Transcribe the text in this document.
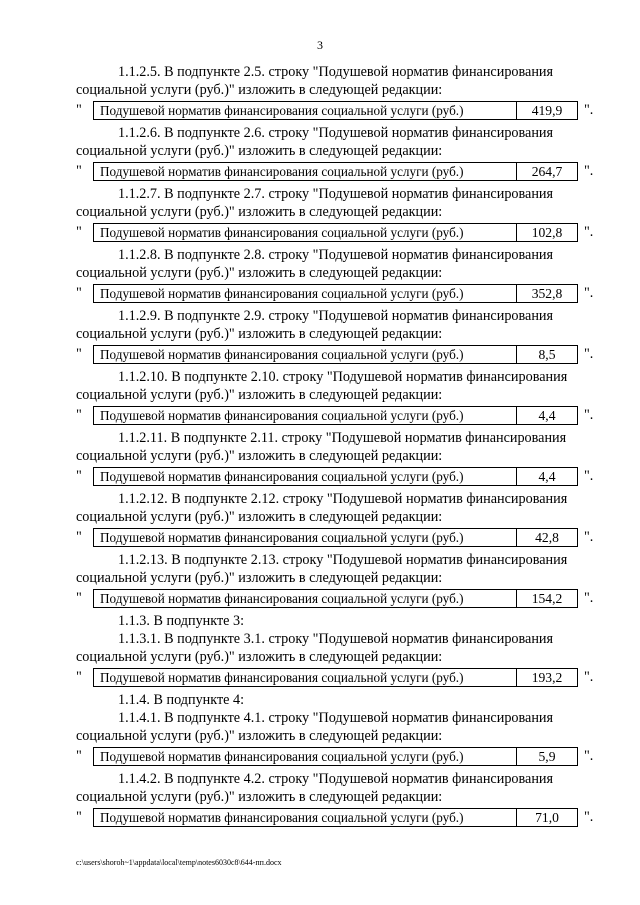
3

1.1.2.5. В подпункте 2.5. строку "Подушевой норматив финансирования

социальной услуги (руб.)" изложить в следующей редакции:

"	Подушевой норматив финансирования социальной услуги (руб.)	419,9	".

1.1.2.6. В подпункте 2.6. строку "Подушевой норматив финансирования

социальной услуги (руб.)" изложить в следующей редакции:

"	Подушевой норматив финансирования социальной услуги (руб.)	264,7	".

1.1.2.7. В подпункте 2.7. строку "Подушевой норматив финансирования

социальной услуги (руб.)" изложить в следующей редакции:

"	Подушевой норматив финансирования социальной услуги (руб.)	102,8	".

1.1.2.8. В подпункте 2.8. строку "Подушевой норматив финансирования

социальной услуги (руб.)" изложить в следующей редакции:

"	Подушевой норматив финансирования социальной услуги (руб.)	352,8	".

1.1.2.9. В подпункте 2.9. строку "Подушевой норматив финансирования

социальной услуги (руб.)" изложить в следующей редакции:

"	Подушевой норматив финансирования социальной услуги (руб.)	8,5	".

1.1.2.10. В подпункте 2.10. строку "Подушевой норматив финансирования

социальной услуги (руб.)" изложить в следующей редакции:

"	Подушевой норматив финансирования социальной услуги (руб.)	4,4	".

1.1.2.11. В подпункте 2.11. строку "Подушевой норматив финансирования

социальной услуги (руб.)" изложить в следующей редакции:

"	Подушевой норматив финансирования социальной услуги (руб.)	4,4	".

1.1.2.12. В подпункте 2.12. строку "Подушевой норматив финансирования

социальной услуги (руб.)" изложить в следующей редакции:

"	Подушевой норматив финансирования социальной услуги (руб.)	42,8	".

1.1.2.13. В подпункте 2.13. строку "Подушевой норматив финансирования

социальной услуги (руб.)" изложить в следующей редакции:

"	Подушевой норматив финансирования социальной услуги (руб.)	154,2	".

1.1.3. В подпункте 3:

1.1.3.1. В подпункте 3.1. строку "Подушевой норматив финансирования

социальной услуги (руб.)" изложить в следующей редакции:

"	Подушевой норматив финансирования социальной услуги (руб.)	193,2	".

1.1.4. В подпункте 4:

1.1.4.1. В подпункте 4.1. строку "Подушевой норматив финансирования

социальной услуги (руб.)" изложить в следующей редакции:

"	Подушевой норматив финансирования социальной услуги (руб.)	5,9	".

1.1.4.2. В подпункте 4.2. строку "Подушевой норматив финансирования

социальной услуги (руб.)" изложить в следующей редакции:

"	Подушевой норматив финансирования социальной услуги (руб.)	71,0	".
c:\users\shoroh~1\appdata\local\temp\notes6030c8\644-пп.docx
